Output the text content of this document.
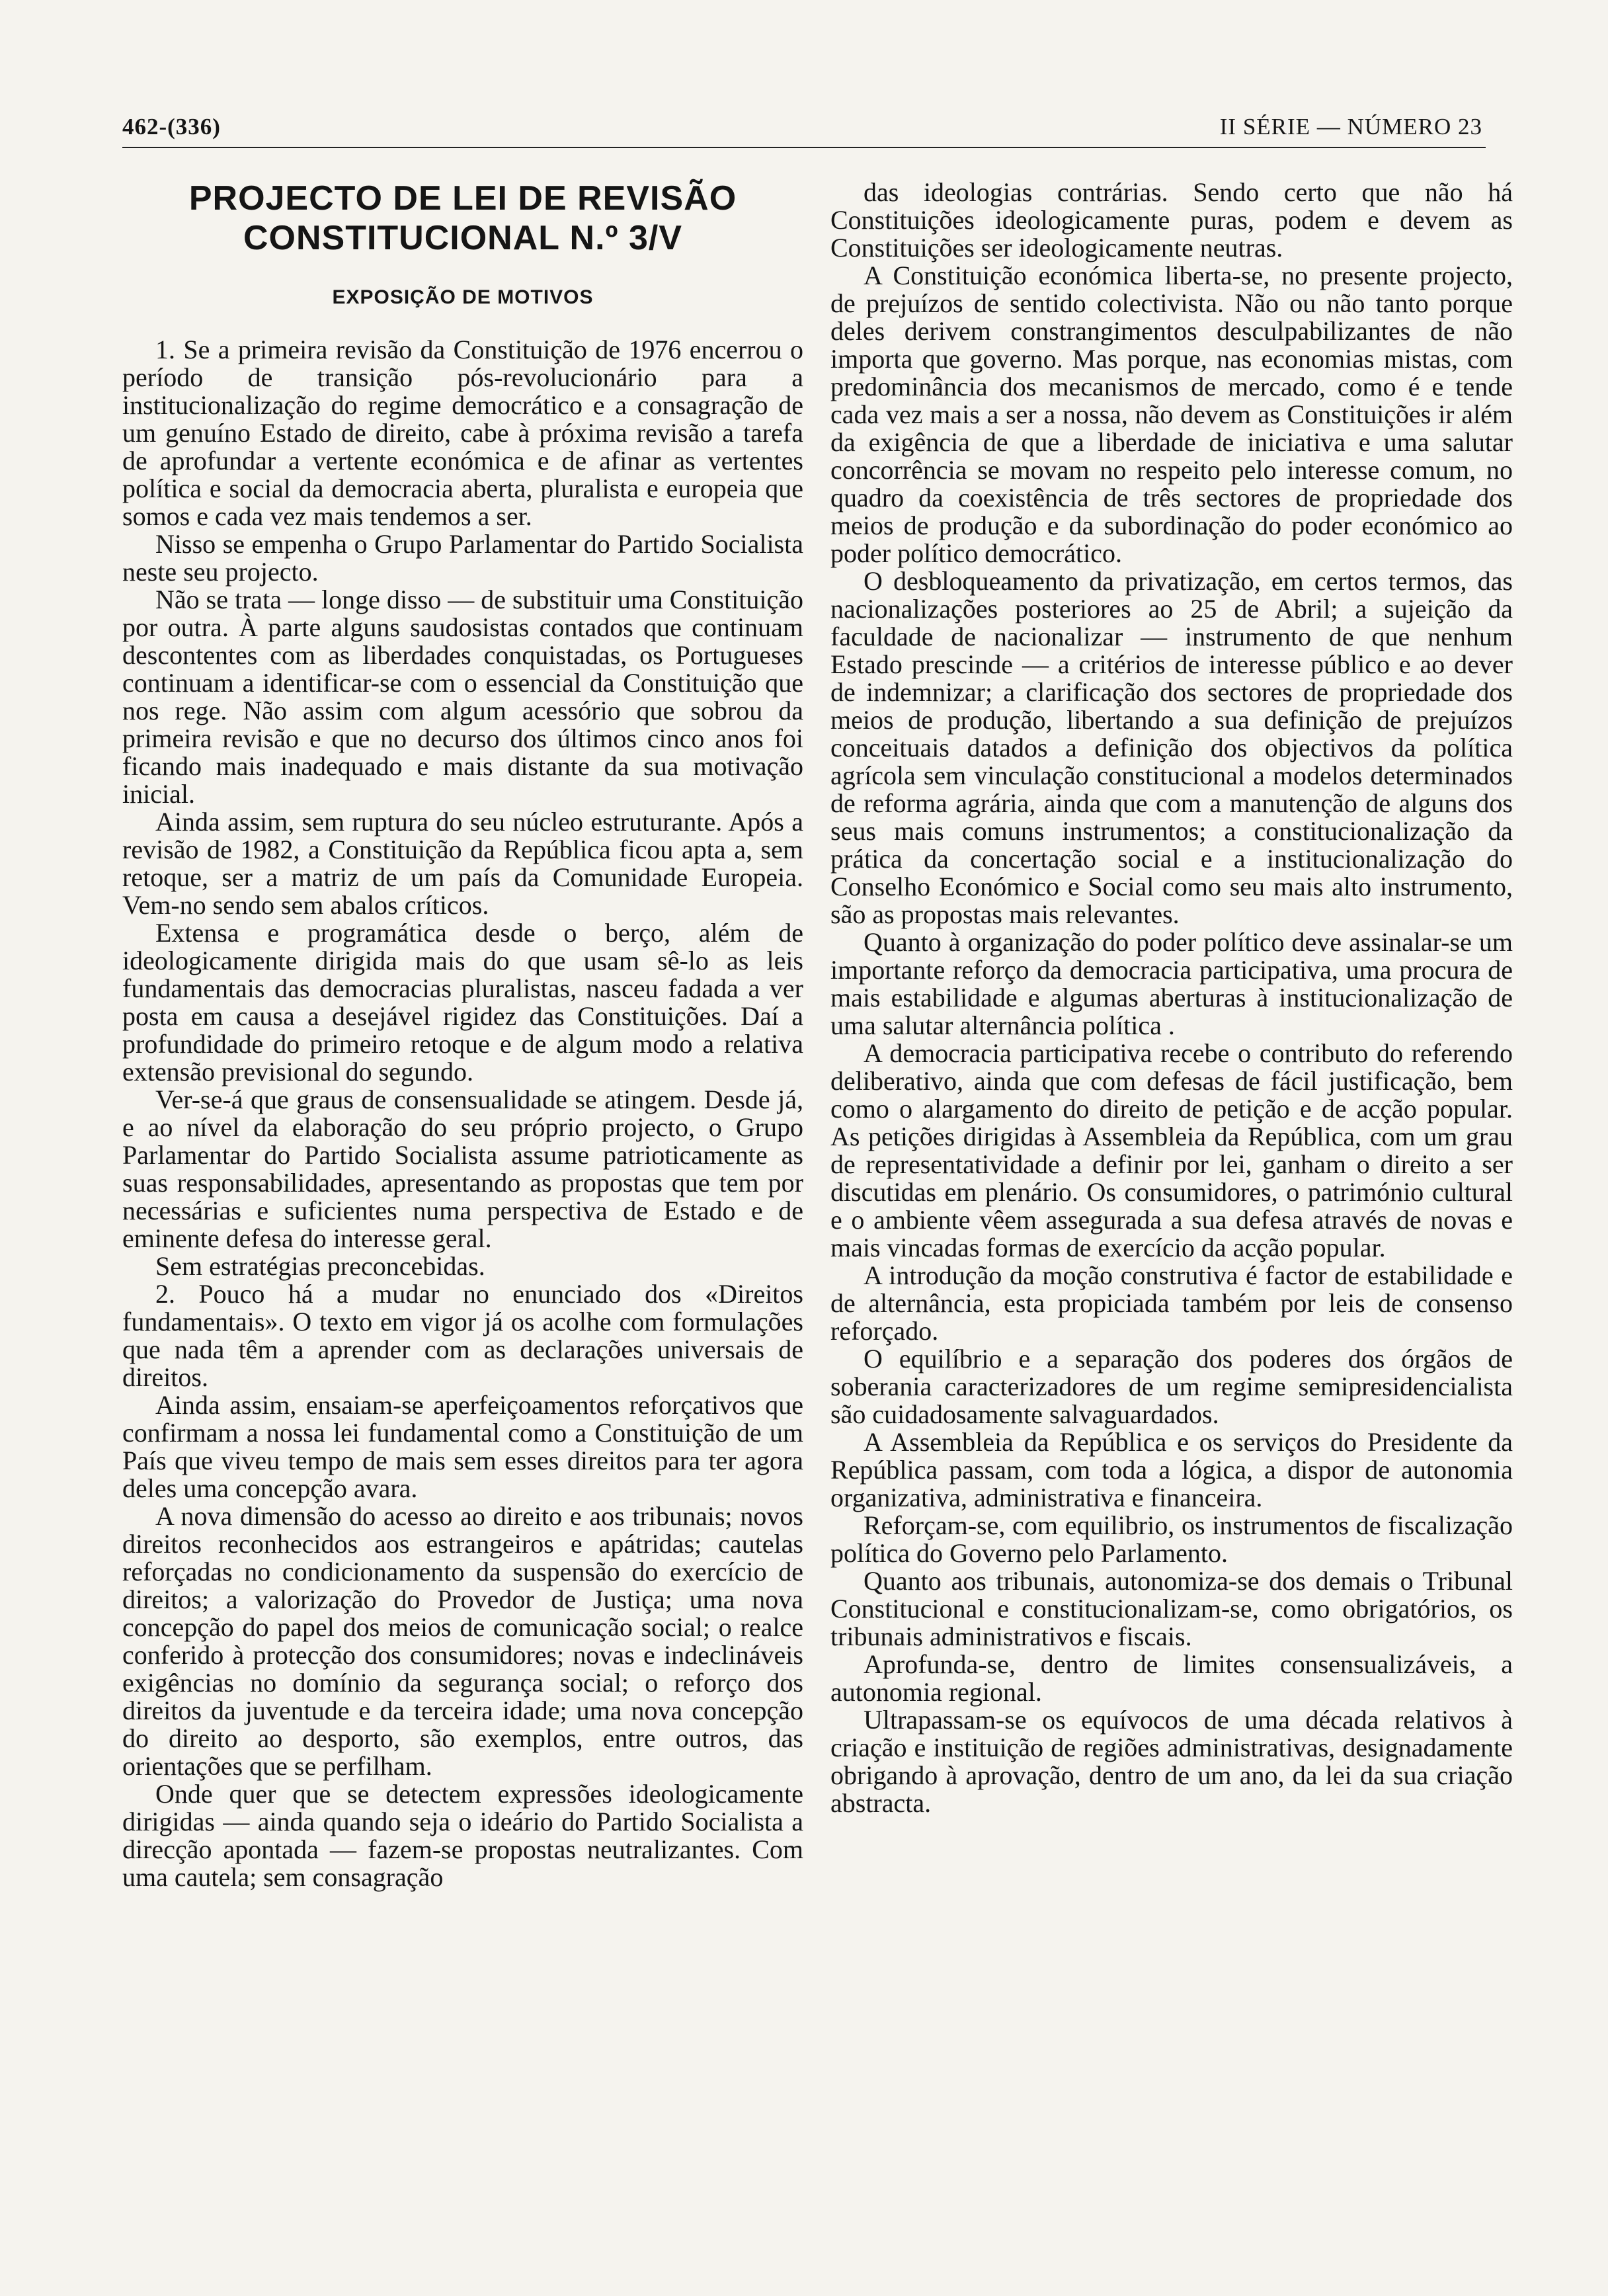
462-(336)	II SÉRIE — NÚMERO 23
PROJECTO DE LEI DE REVISÃO
CONSTITUCIONAL N.º 3/V
EXPOSIÇÃO DE MOTIVOS

1. Se a primeira revisão da Constituição de 1976 encerrou o período de transição pós-revolucionário para a institucionalização do regime democrático e a consagração de um genuíno Estado de direito, cabe à próxima revisão a tarefa de aprofundar a vertente económica e de afinar as vertentes política e social da democracia aberta, pluralista e europeia que somos e cada vez mais tendemos a ser.

Nisso se empenha o Grupo Parlamentar do Partido Socialista neste seu projecto.

Não se trata — longe disso — de substituir uma Constituição por outra. À parte alguns saudosistas contados que continuam descontentes com as liberdades conquistadas, os Portugueses continuam a identificar-se com o essencial da Constituição que nos rege. Não assim com algum acessório que sobrou da primeira revisão e que no decurso dos últimos cinco anos foi ficando mais inadequado e mais distante da sua motivação inicial.

Ainda assim, sem ruptura do seu núcleo estruturante. Após a revisão de 1982, a Constituição da República ficou apta a, sem retoque, ser a matriz de um país da Comunidade Europeia. Vem-no sendo sem abalos críticos.

Extensa e programática desde o berço, além de ideologicamente dirigida mais do que usam sê-lo as leis fundamentais das democracias pluralistas, nasceu fadada a ver posta em causa a desejável rigidez das Constituições. Daí a profundidade do primeiro retoque e de algum modo a relativa extensão previsional do segundo.

Ver-se-á que graus de consensualidade se atingem. Desde já, e ao nível da elaboração do seu próprio projecto, o Grupo Parlamentar do Partido Socialista assume patrioticamente as suas responsabilidades, apresentando as propostas que tem por necessárias e suficientes numa perspectiva de Estado e de eminente defesa do interesse geral.

Sem estratégias preconcebidas.

2. Pouco há a mudar no enunciado dos «Direitos fundamentais». O texto em vigor já os acolhe com formulações que nada têm a aprender com as declarações universais de direitos.

Ainda assim, ensaiam-se aperfeiçoamentos reforçativos que confirmam a nossa lei fundamental como a Constituição de um País que viveu tempo de mais sem esses direitos para ter agora deles uma concepção avara.

A nova dimensão do acesso ao direito e aos tribunais; novos direitos reconhecidos aos estrangeiros e apátridas; cautelas reforçadas no condicionamento da suspensão do exercício de direitos; a valorização do Provedor de Justiça; uma nova concepção do papel dos meios de comunicação social; o realce conferido à protecção dos consumidores; novas e indeclináveis exigências no domínio da segurança social; o reforço dos direitos da juventude e da terceira idade; uma nova concepção do direito ao desporto, são exemplos, entre outros, das orientações que se perfilham.

Onde quer que se detectem expressões ideologicamente dirigidas — ainda quando seja o ideário do Partido Socialista a direcção apontada — fazem-se propostas neutralizantes. Com uma cautela; sem consagração

das ideologias contrárias. Sendo certo que não há Constituições ideologicamente puras, podem e devem as Constituições ser ideologicamente neutras.

A Constituição económica liberta-se, no presente projecto, de prejuízos de sentido colectivista. Não ou não tanto porque deles derivem constrangimentos desculpabilizantes de não importa que governo. Mas porque, nas economias mistas, com predominância dos mecanismos de mercado, como é e tende cada vez mais a ser a nossa, não devem as Constituições ir além da exigência de que a liberdade de iniciativa e uma salutar concorrência se movam no respeito pelo interesse comum, no quadro da coexistência de três sectores de propriedade dos meios de produção e da subordinação do poder económico ao poder político democrático.

O desbloqueamento da privatização, em certos termos, das nacionalizações posteriores ao 25 de Abril; a sujeição da faculdade de nacionalizar — instrumento de que nenhum Estado prescinde — a critérios de interesse público e ao dever de indemnizar; a clarificação dos sectores de propriedade dos meios de produção, libertando a sua definição de prejuízos conceituais datados a definição dos objectivos da política agrícola sem vinculação constitucional a modelos determinados de reforma agrária, ainda que com a manutenção de alguns dos seus mais comuns instrumentos; a constitucionalização da prática da concertação social e a institucionalização do Conselho Económico e Social como seu mais alto instrumento, são as propostas mais relevantes.

Quanto à organização do poder político deve assinalar-se um importante reforço da democracia participativa, uma procura de mais estabilidade e algumas aberturas à institucionalização de uma salutar alternância política .

A democracia participativa recebe o contributo do referendo deliberativo, ainda que com defesas de fácil justificação, bem como o alargamento do direito de petição e de acção popular. As petições dirigidas à Assembleia da República, com um grau de representatividade a definir por lei, ganham o direito a ser discutidas em plenário. Os consumidores, o património cultural e o ambiente vêem assegurada a sua defesa através de novas e mais vincadas formas de exercício da acção popular.

A introdução da moção construtiva é factor de estabilidade e de alternância, esta propiciada também por leis de consenso reforçado.

O equilíbrio e a separação dos poderes dos órgãos de soberania caracterizadores de um regime semipresidencialista são cuidadosamente salvaguardados.

A Assembleia da República e os serviços do Presidente da República passam, com toda a lógica, a dispor de autonomia organizativa, administrativa e financeira.

Reforçam-se, com equilibrio, os instrumentos de fiscalização política do Governo pelo Parlamento.

Quanto aos tribunais, autonomiza-se dos demais o Tribunal Constitucional e constitucionalizam-se, como obrigatórios, os tribunais administrativos e fiscais.

Aprofunda-se, dentro de limites consensualizáveis, a autonomia regional.

Ultrapassam-se os equívocos de uma década relativos à criação e instituição de regiões administrativas, designadamente obrigando à aprovação, dentro de um ano, da lei da sua criação abstracta.
